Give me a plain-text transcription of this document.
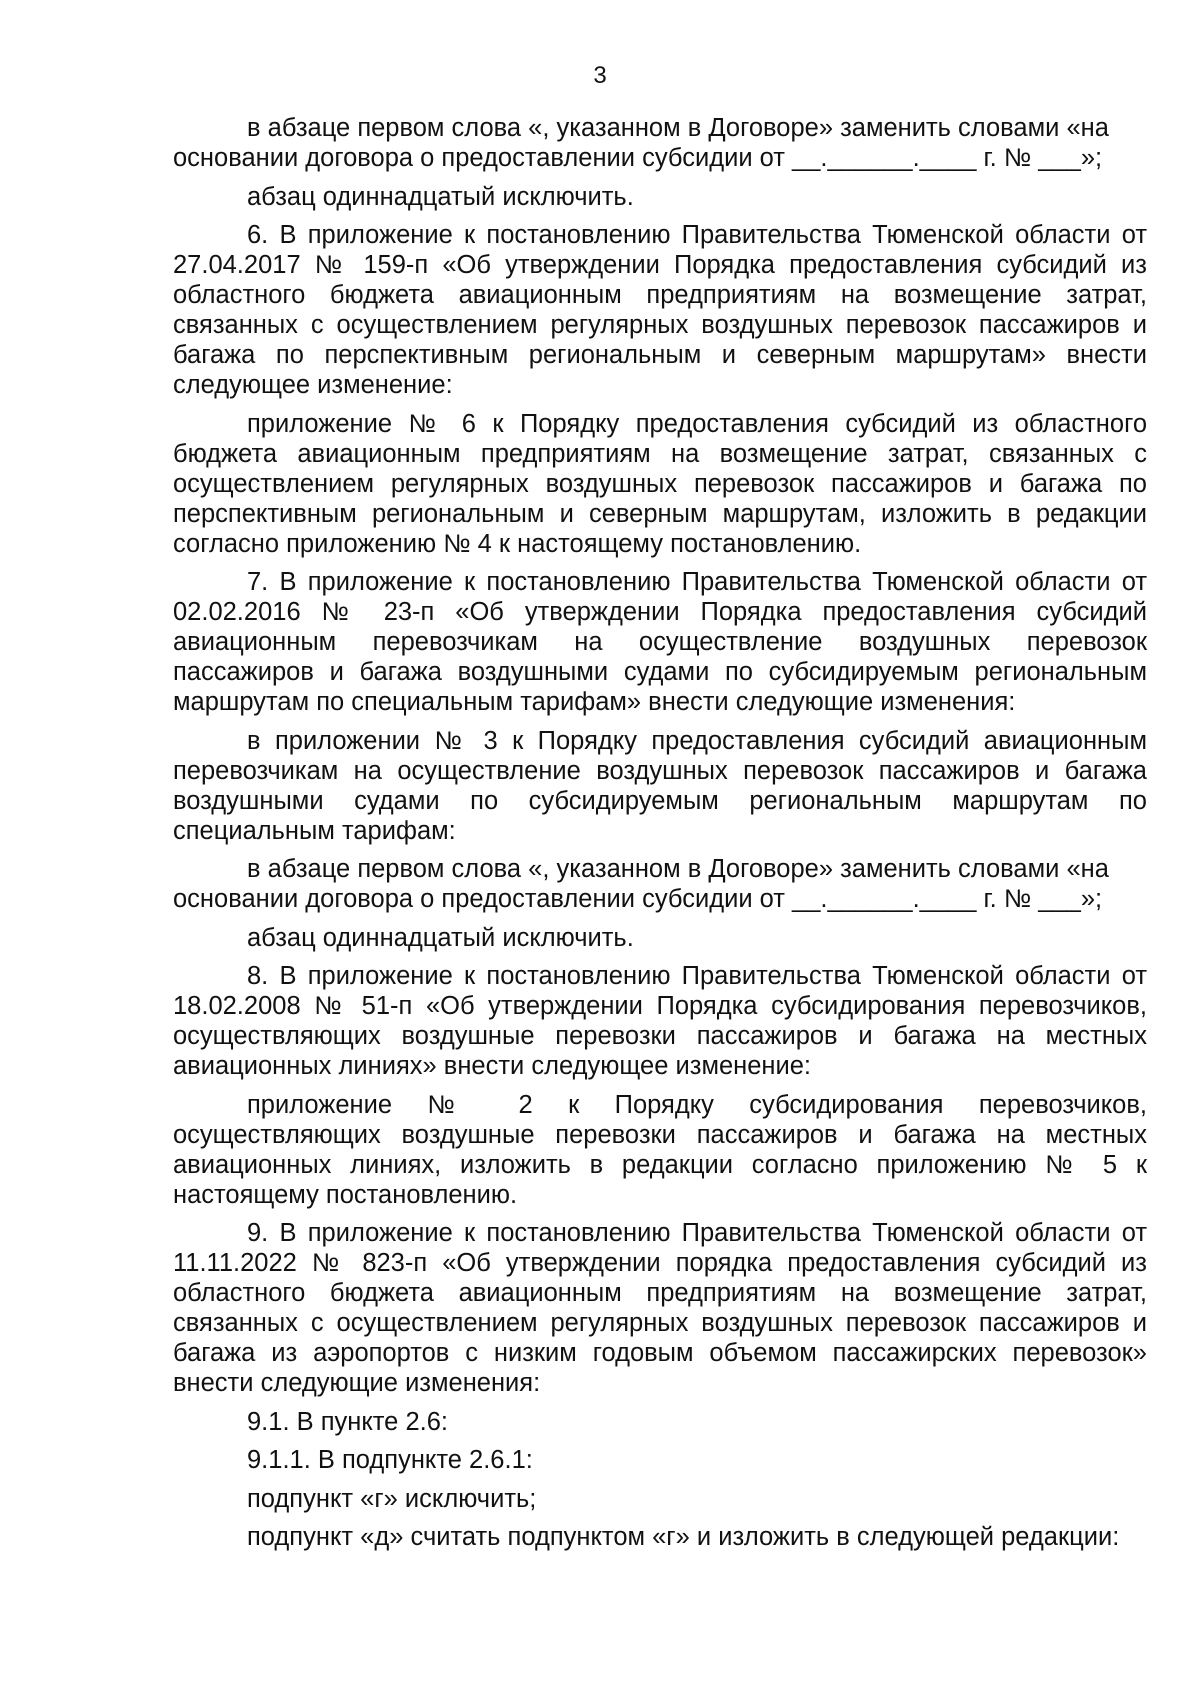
3

в абзаце первом слова «, указанном в Договоре» заменить словами «на основании договора о предоставлении субсидии от __.______.____ г. № ___»;

абзац одиннадцатый исключить.

6. В приложение к постановлению Правительства Тюменской области от 27.04.2017 № 159-п «Об утверждении Порядка предоставления субсидий из областного бюджета авиационным предприятиям на возмещение затрат, связанных с осуществлением регулярных воздушных перевозок пассажиров и багажа по перспективным региональным и северным маршрутам» внести следующее изменение:

приложение № 6 к Порядку предоставления субсидий из областного бюджета авиационным предприятиям на возмещение затрат, связанных с осуществлением регулярных воздушных перевозок пассажиров и багажа по перспективным региональным и северным маршрутам, изложить в редакции согласно приложению № 4 к настоящему постановлению.

7. В приложение к постановлению Правительства Тюменской области от 02.02.2016 № 23-п «Об утверждении Порядка предоставления субсидий авиационным перевозчикам на осуществление воздушных перевозок пассажиров и багажа воздушными судами по субсидируемым региональным маршрутам по специальным тарифам» внести следующие изменения:

в приложении № 3 к Порядку предоставления субсидий авиационным перевозчикам на осуществление воздушных перевозок пассажиров и багажа воздушными судами по субсидируемым региональным маршрутам по специальным тарифам:

в абзаце первом слова «, указанном в Договоре» заменить словами «на основании договора о предоставлении субсидии от __.______.____ г. № ___»;

абзац одиннадцатый исключить.

8. В приложение к постановлению Правительства Тюменской области от 18.02.2008 № 51-п «Об утверждении Порядка субсидирования перевозчиков, осуществляющих воздушные перевозки пассажиров и багажа на местных авиационных линиях» внести следующее изменение:

приложение № 2 к Порядку субсидирования перевозчиков, осуществляющих воздушные перевозки пассажиров и багажа на местных авиационных линиях, изложить в редакции согласно приложению № 5 к настоящему постановлению.

9. В приложение к постановлению Правительства Тюменской области от 11.11.2022 № 823-п «Об утверждении порядка предоставления субсидий из областного бюджета авиационным предприятиям на возмещение затрат, связанных с осуществлением регулярных воздушных перевозок пассажиров и багажа из аэропортов с низким годовым объемом пассажирских перевозок» внести следующие изменения:

9.1. В пункте 2.6:

9.1.1. В подпункте 2.6.1:

подпункт «г» исключить;

подпункт «д» считать подпунктом «г» и изложить в следующей редакции:
